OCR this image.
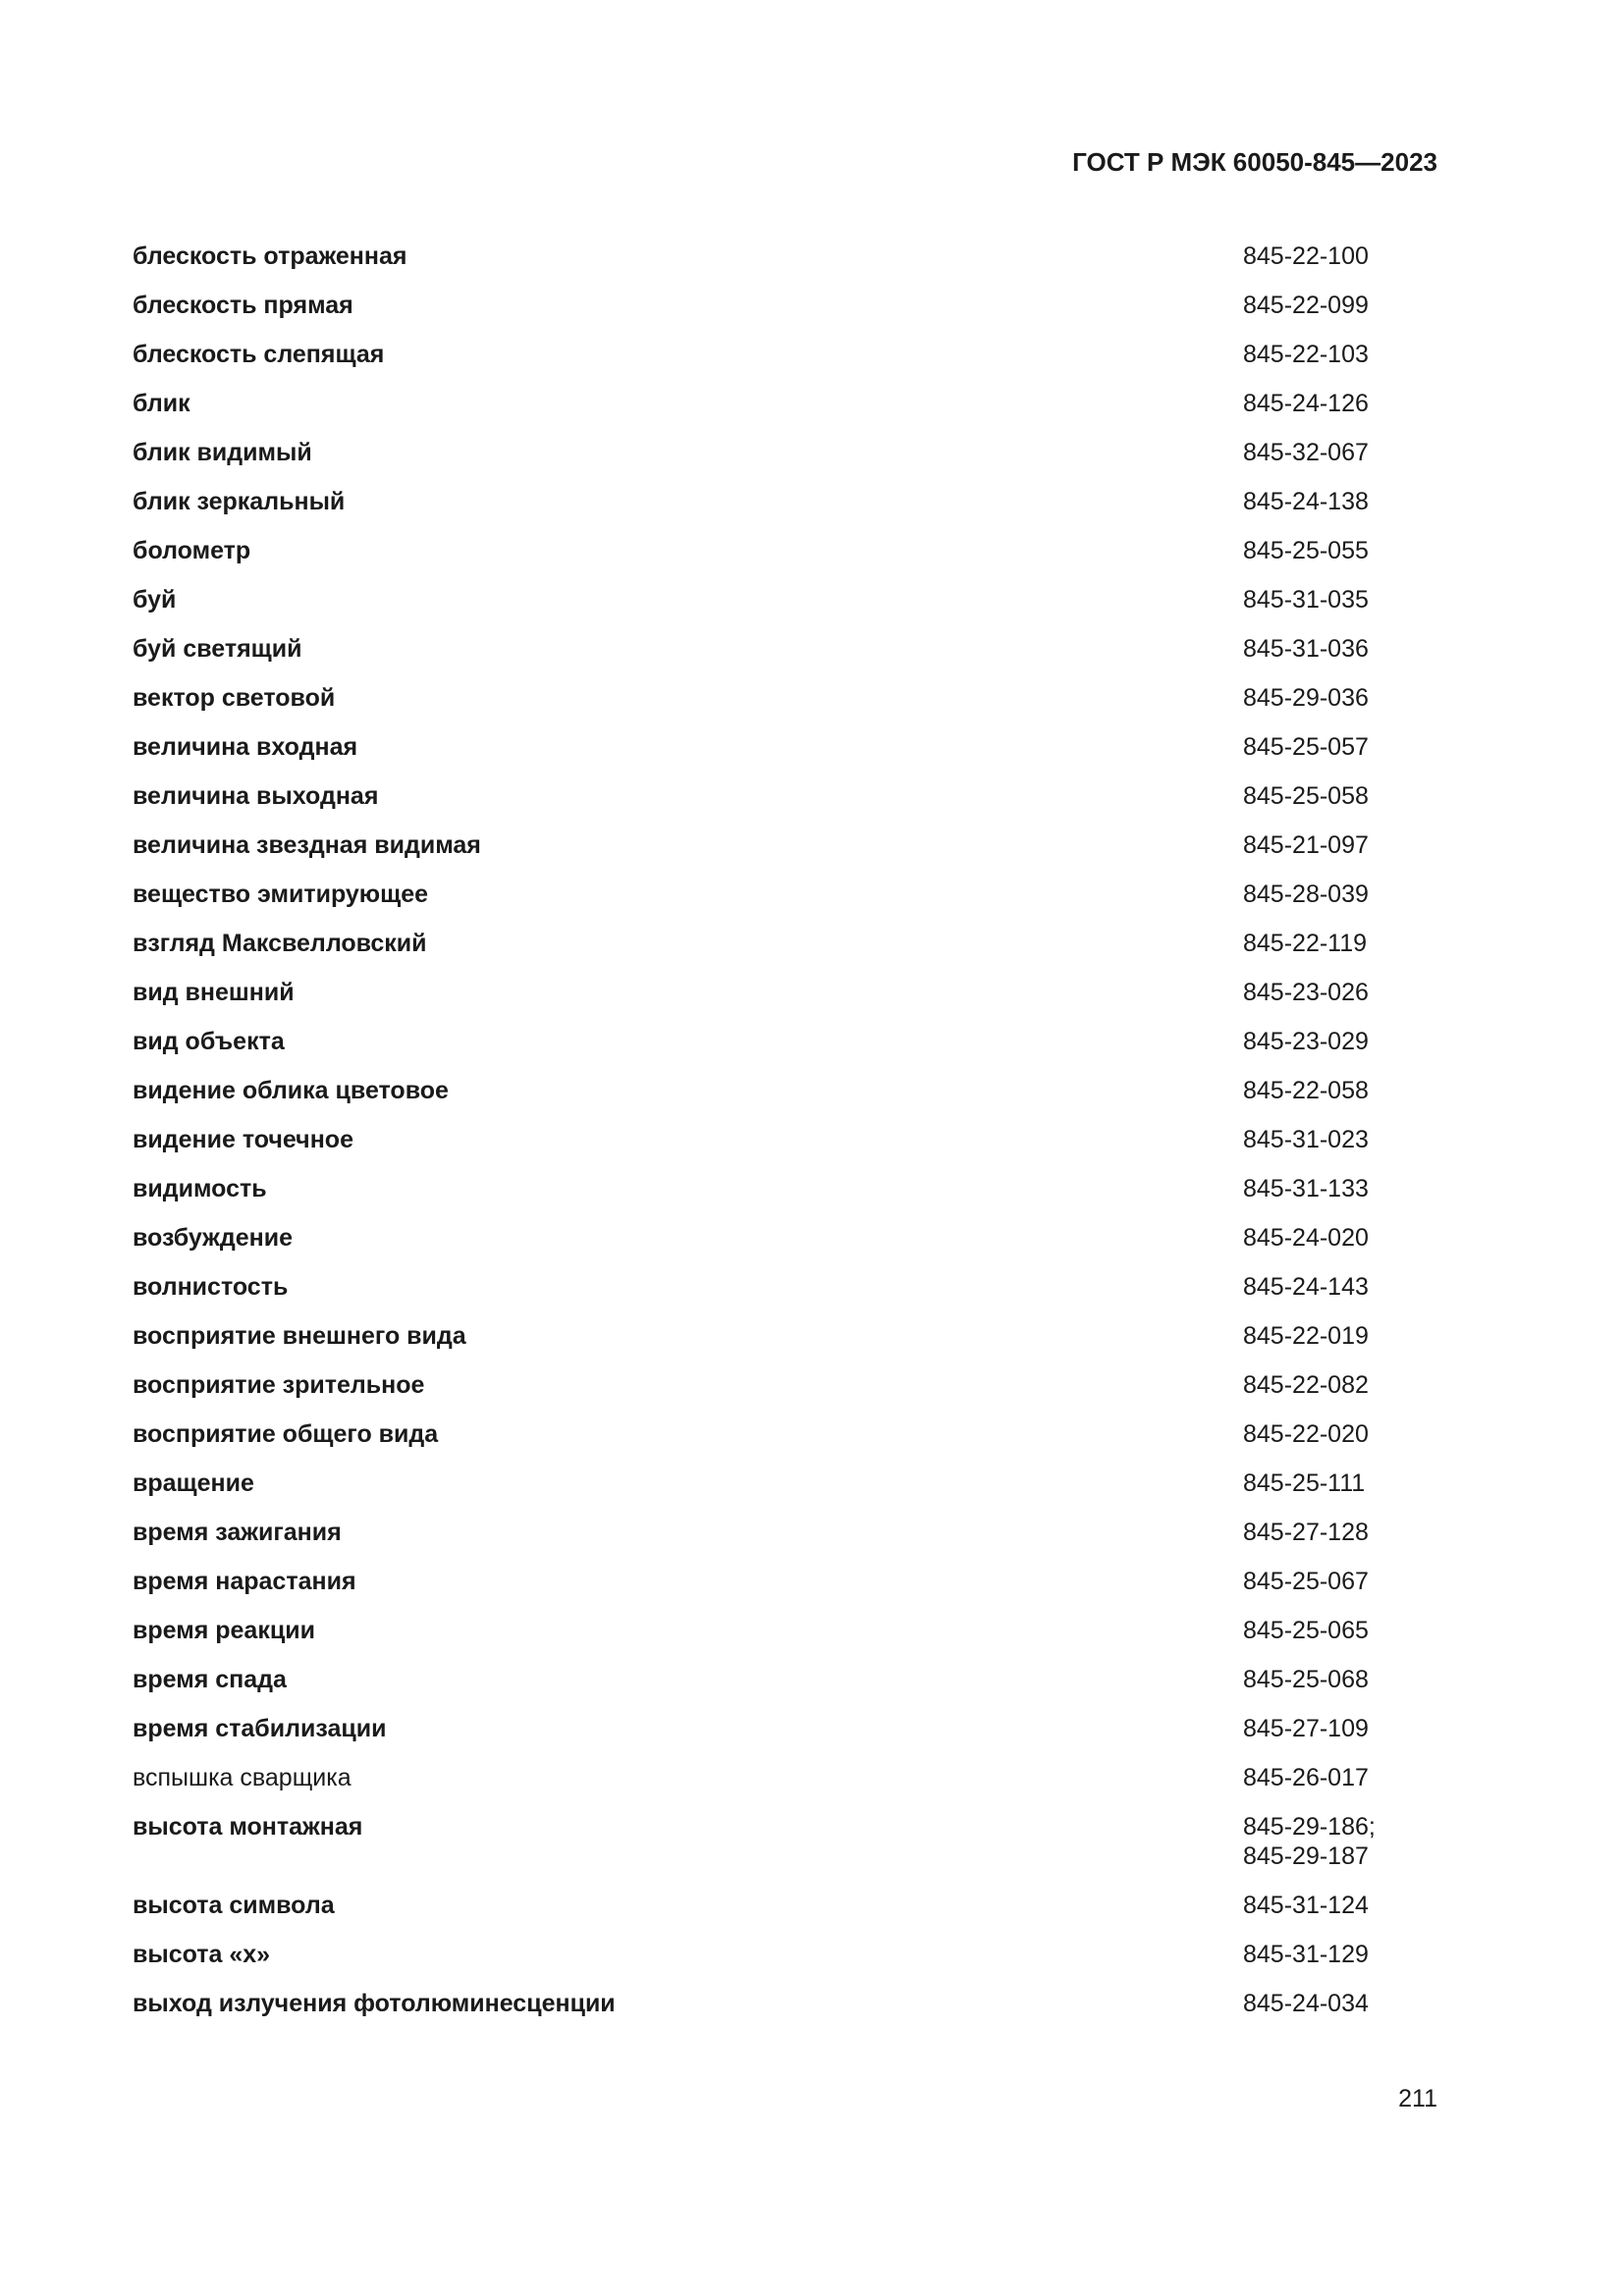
ГОСТ Р МЭК 60050-845—2023
блескость отраженная	845-22-100
блескость прямая	845-22-099
блескость слепящая	845-22-103
блик	845-24-126
блик видимый	845-32-067
блик зеркальный	845-24-138
болометр	845-25-055
буй	845-31-035
буй светящий	845-31-036
вектор световой	845-29-036
величина входная	845-25-057
величина выходная	845-25-058
величина звездная видимая	845-21-097
вещество эмитирующее	845-28-039
взгляд Максвелловский	845-22-119
вид внешний	845-23-026
вид объекта	845-23-029
видение облика цветовое	845-22-058
видение точечное	845-31-023
видимость	845-31-133
возбуждение	845-24-020
волнистость	845-24-143
восприятие внешнего вида	845-22-019
восприятие зрительное	845-22-082
восприятие общего вида	845-22-020
вращение	845-25-111
время зажигания	845-27-128
время нарастания	845-25-067
время реакции	845-25-065
время спада	845-25-068
время стабилизации	845-27-109
вспышка сварщика	845-26-017
высота монтажная	845-29-186;
845-29-187
высота символа	845-31-124
высота «х»	845-31-129
выход излучения фотолюминесценции	845-24-034
211
